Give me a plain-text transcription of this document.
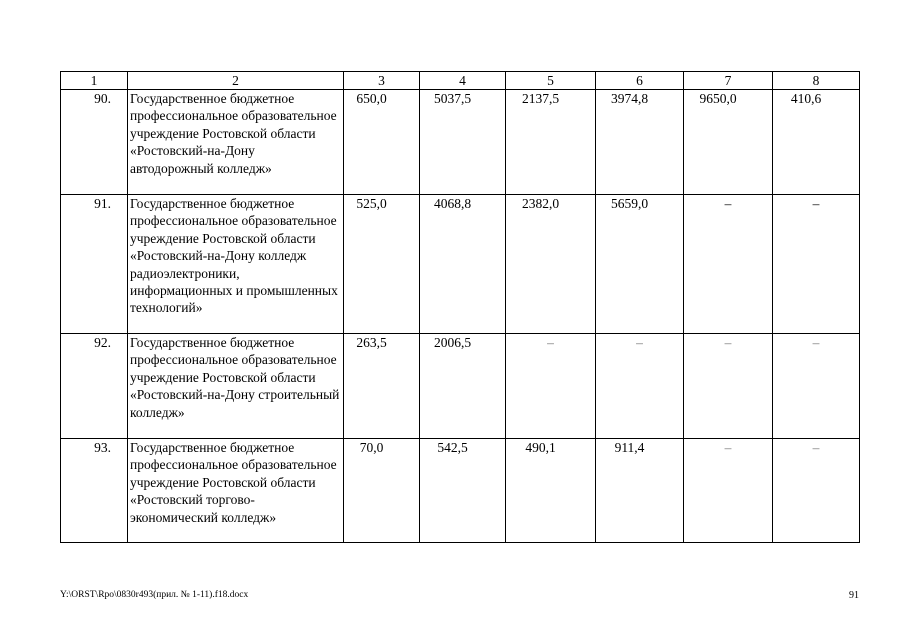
1	2	3	4	5	6	7	8
90.	Государственное бюджетное профессиональное образовательное учреждение Ростовской области «Ростовский-на-Дону автодорожный колледж»	650,0	5037,5	2137,5	3974,8	9650,0	410,6
91.	Государственное бюджетное профессиональное образовательное учреждение Ростовской области «Ростовский-на-Дону колледж радиоэлектроники, информационных и промышленных технологий»	525,0	4068,8	2382,0	5659,0	–	–
92.	Государственное бюджетное профессиональное образовательное учреждение Ростовской области «Ростовский-на-Дону строительный колледж»	263,5	2006,5	–	–	–	–
93.	Государственное бюджетное профессиональное образовательное учреждение Ростовской области «Ростовский торгово-экономический колледж»	70,0	542,5	490,1	911,4	–	–
Y:\ORST\Rpo\0830r493(прил. № 1-11).f18.docx	91
